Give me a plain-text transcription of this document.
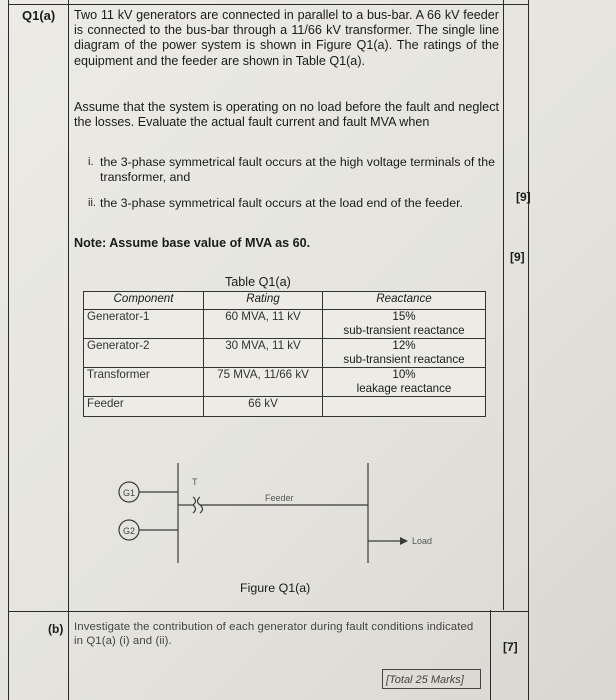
Q1(a) Two 11 kV generators are connected in parallel to a bus-bar. A 66 kV feeder is connected to the bus-bar through a 11/66 kV transformer. The single line diagram of the power system is shown in Figure Q1(a). The ratings of the equipment and the feeder are shown in Table Q1(a).
Assume that the system is operating on no load before the fault and neglect the losses. Evaluate the actual fault current and fault MVA when
i. the 3-phase symmetrical fault occurs at the high voltage terminals of the transformer, and
ii. the 3-phase symmetrical fault occurs at the load end of the feeder.
Note: Assume base value of MVA as 60.
[9]
[9]
Table Q1(a)
Component	Rating	Reactance
Generator-1	60 MVA, 11 kV	15%
sub-transient reactance

Generator-2	30 MVA, 11 kV	12%
sub-transient reactance

Transformer	75 MVA, 11/66 kV	10%
leakage reactance

Feeder	66 kV	
G1
G2
T
Feeder
Load
Figure Q1(a)
(b) Investigate the contribution of each generator during fault conditions indicated in Q1(a) (i) and (ii).	[7]
[Total 25 Marks]
